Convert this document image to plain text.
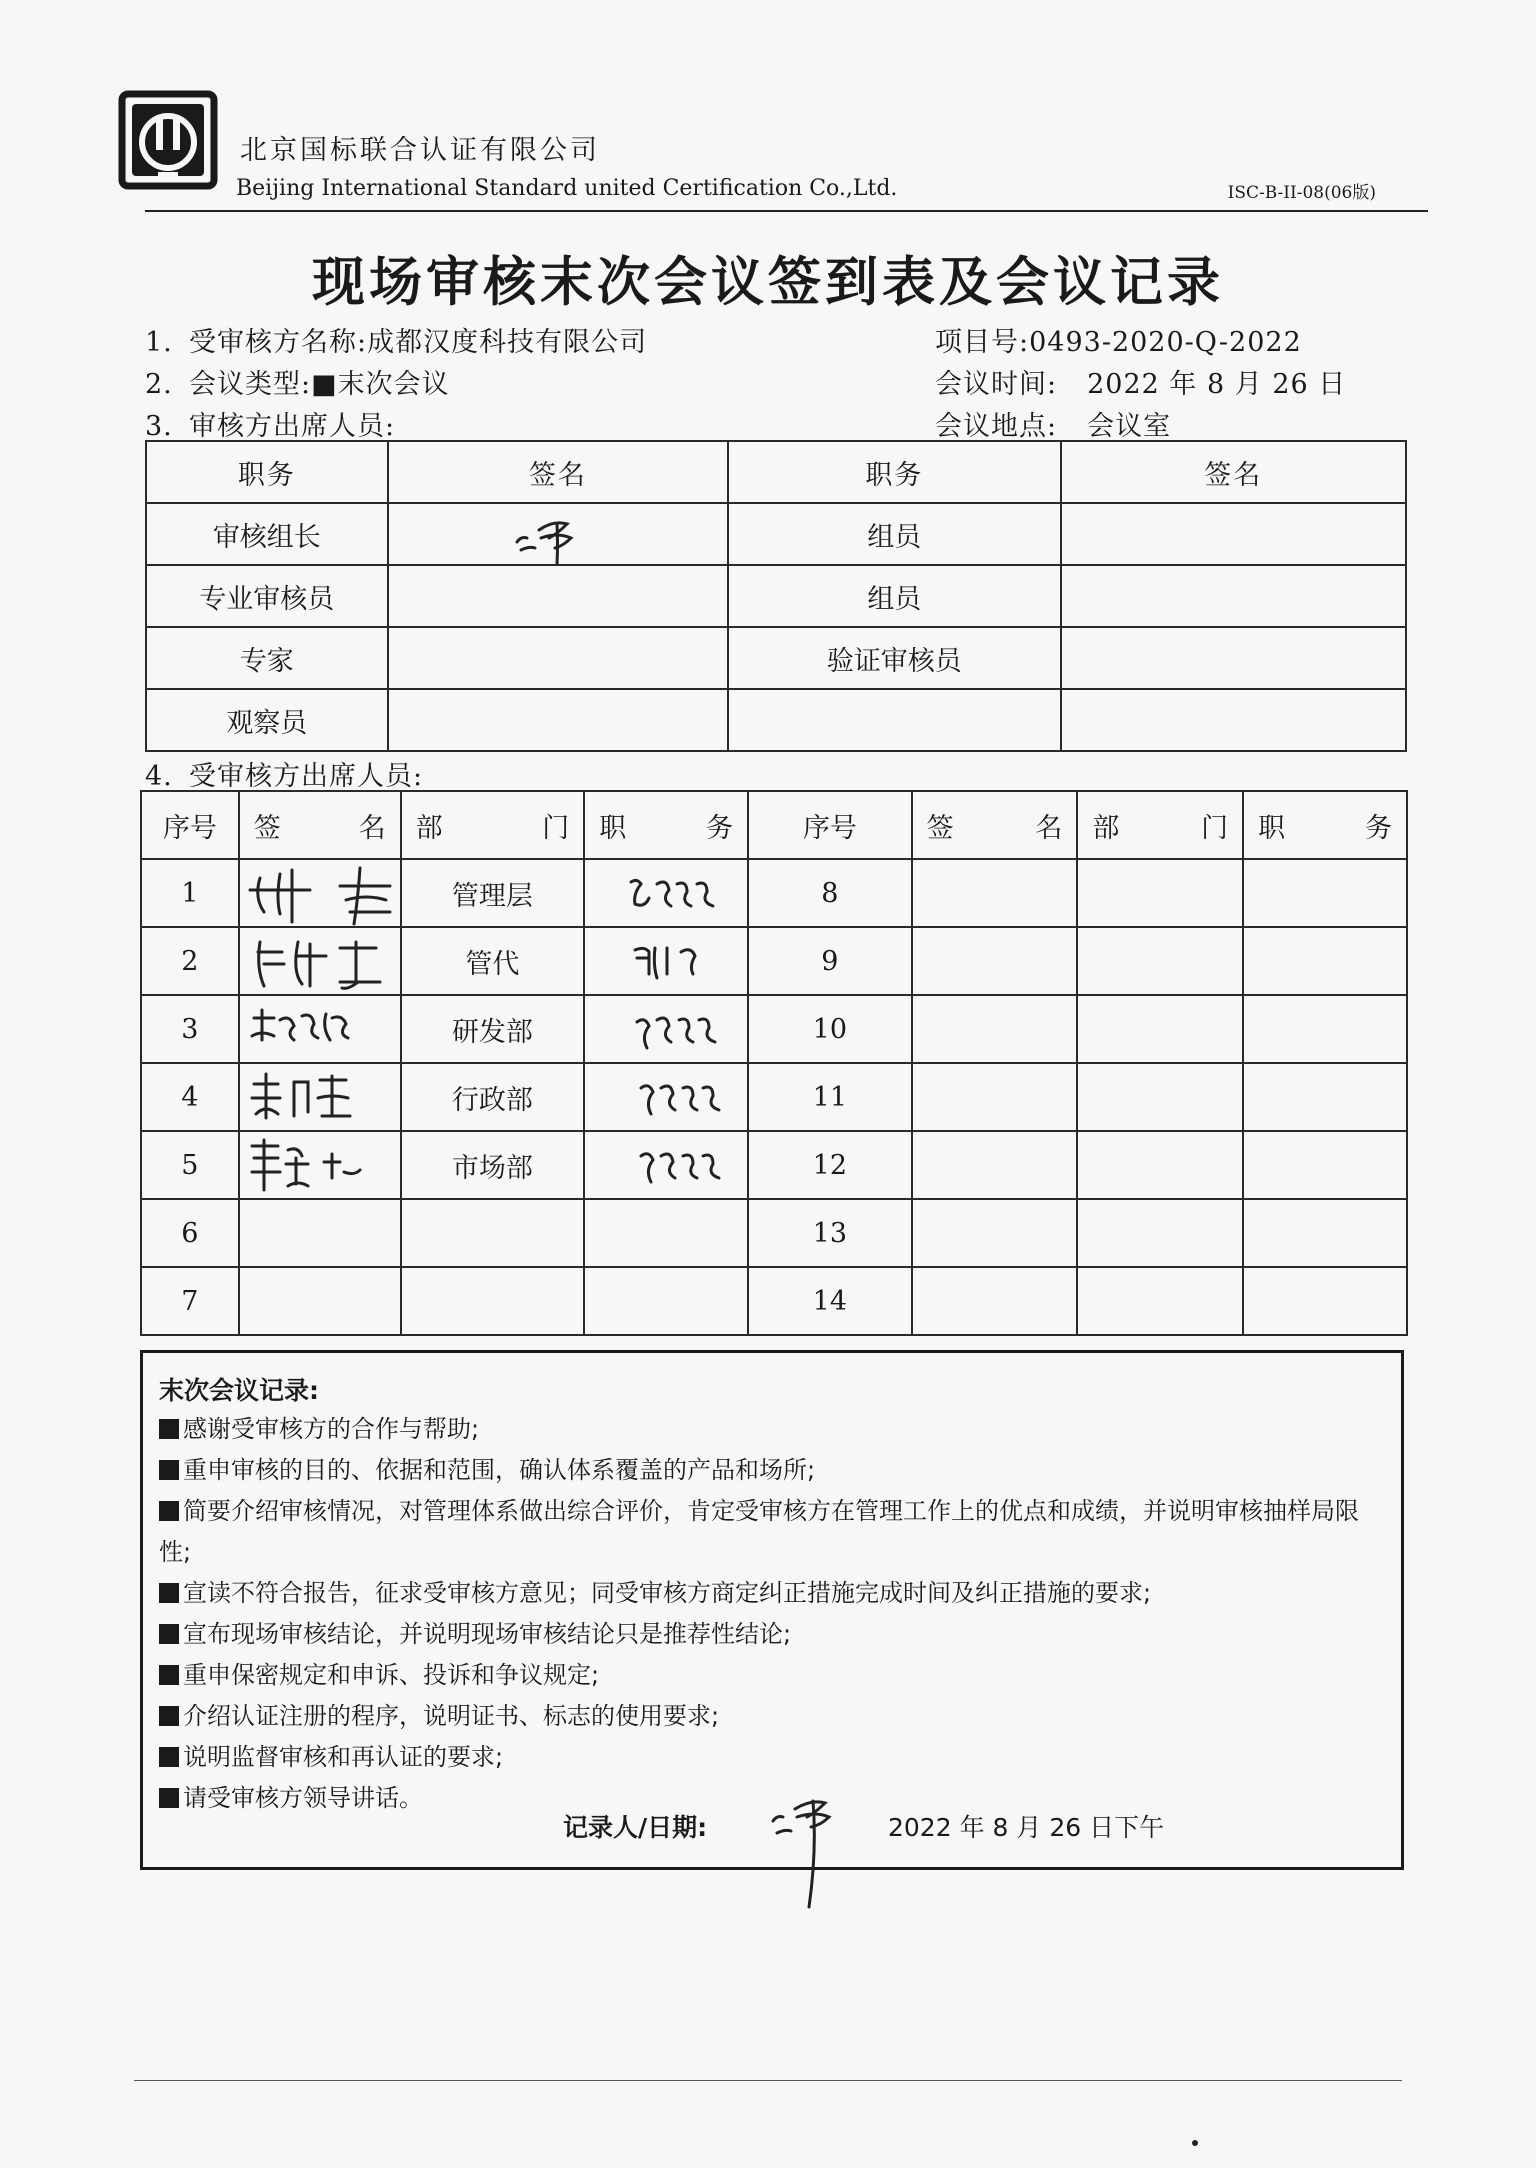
北京国标联合认证有限公司
Beijing International Standard united Certification Co.,Ltd.	ISC-B-II-08(06版)
现场审核末次会议签到表及会议记录
1. 受审核方名称:成都汉度科技有限公司
2. 会议类型:■末次会议
3. 审核方出席人员:
项目号:0493-2020-Q-2022
会议时间: 2022 年 8 月 26 日
会议地点: 会议室
职务	签名	职务	签名
审核组长		组员	
专业审核员		组员	
专家		验证审核员	
观察员			
4. 受审核方出席人员:
序号	签 名	部 门	职 务	序号	签 名	部 门	职 务

1		管理层		8			
2		管代		9			
3		研发部		10			
4		行政部		11			
5		市场部		12			
6				13			
7				14			
末次会议记录:

感谢受审核方的合作与帮助;

重申审核的目的、依据和范围，确认体系覆盖的产品和场所;

简要介绍审核情况，对管理体系做出综合评价，肯定受审核方在管理工作上的优点和成绩，并说明审核抽样局限性;

宣读不符合报告，征求受审核方意见；同受审核方商定纠正措施完成时间及纠正措施的要求;

宣布现场审核结论，并说明现场审核结论只是推荐性结论;

重申保密规定和申诉、投诉和争议规定;

介绍认证注册的程序，说明证书、标志的使用要求;

说明监督审核和再认证的要求;

请受审核方领导讲话。

记录人/日期:	2022 年 8 月 26 日下午
